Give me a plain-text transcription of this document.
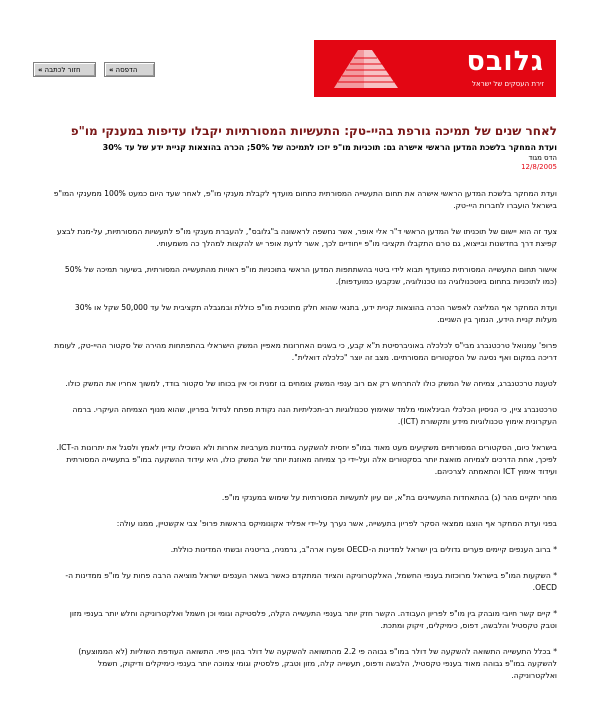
« חזור לכתבה	« הדפסה	גלובס
זירת העסקים של ישראל
לאחר שנים של תמיכה גורפת בהיי-טק: התעשיות המסורתיות יקבלו עדיפות במענקי מו"פ

ועדת המחקר בלשכת המדען הראשי אישרה גם: תוכניות מו"פ יזכו לתמיכה של 50%; הכרה בהוצאות קניית ידע של עד 30%

הדס מגוד

12/8/2005

ועדת המחקר בלשכת המדען הראשי אישרה את תחום התעשייה המסורתית כתחום מועדף לקבלת מענקי מו"פ, לאחר שעד היום כמעט 100% ממענקי המו"פ בישראל הועברו לחברות היי-טק.

צעד זה הוא יישום של תוכניתו של המדען הראשי ד"ר אלי אופר, אשר נחשפה לראשונה ב"גלובס", להעברת מענקי מו"פ לתעשיות המסורתיות, על-מנת לבצע קפיצת דרך בחדשנות ובייצוא, גם טרם התקבלו תקציבי מו"פ ייחודיים לכך, אשר לדעת אופר יש להקצות למהלך כה משמעותי.

אישור תחום התעשייה המסורתית כמועדף תבוא לידי ביטוי בהשתתפות המדען הראשי בתוכניות מו"פ ראויות מהתעשייה המסורתית, בשיעור תמיכה של 50% (כמו לתוכניות בתחום ביוטכנולוגיה ננו טכנולוגיה, שנקבעו כמועדפות).

ועדת המחקר אף המליצה לאפשר הכרה בהוצאות קניית ידע, בתנאי שהוא חלק מתוכנית מו"פ כוללת ובמגבלה תקציבית של עד 50,000 שקל או 30% מעלות קניית הידע, הנמוך בין השניים.

פרופ' עמנואל טרכטנברג מבי"ס לכלכלה באוניברסיטת ת"א קבע, כי בשנים האחרונות מאפיין המשק הישראלי בהתפתחות מהירה של סקטור ההיי-טק, לעומת דריכה במקום ואף נסיגה של הסקטורים המסורתיים. מצב זה יוצר "כלכלה דואלית".

לטענת טרכטנברג, צמיחה של המשק כולו להתרחש רק אם רוב ענפי המשק צומחים בו זמנית וכי אין בכוחו של סקטור בודד, למשוך אחריו את המשק כולו.

טרכטנברג ציין, כי הניסיון הכלכלי הבינלאומי מלמד שאימוץ טכנולוגיות רב-תכליתיות הנה נקודת מפתח לגידול בפריון, שהוא מנוף הצמיחה העיקרי. ברמה העקרונית אימוץ טכנולוגיות מידע ותקשורת (ICT).

בישראל כיום, הסקטורים המסורתיים משקיעים מעט מאוד במו"פ יחסית להשקעה במדינות מערביות אחרות ולא השכילו עדיין לאמץ ולסגל את יתרונות ה-ICT. לפיכך, אחת הדרכים לצמיחה מואצת יותר בסקטורים אלה ועל-ידי כך צמיחה מאוזנת יותר של המשק כולו, היא עידוד ההשקעה במו"פ בתעשייה המסורתית ועידוד אימוץ ICT והתאמתה לצרכיהם.

מחר יתקיים מהר (ג) בהתאחדות התעשיינים בת"א, יום עיון לתעשיות המסורתיות על שימוש במענקי מו"פ.

בפני ועדת המחקר אף הוצגו ממצאי הסקר לפריון בתעשייה, אשר נערך על-ידי אפליד אקונומיקס בראשות פרופ' צבי אקשטיין, ממנו עולה:

* ברוב הענפים קיימים פערים גדולים בין ישראל למדינות ה-OECD ופערו ארה"ב, גרמניה, בריטניה ובשתי המדינות כוללת.

* השקעות המו"פ בישראל מרוכזות בענפי החשמל, האלקטרוניקה והציוד המתקדם כאשר בשאר הענפים ישראל מוציאה הרבה פחות על מו"פ ממדינות ה-OECD.

* קיים קשר חיובי מובהק בין מו"פ לפריון העבודה. הקשר חזק יותר בענפי התעשייה הקלה, פלסטיקה וגומי וכן חשמל ואלקטרוניקה וחלש יותר בענפי מזון וטבק טקסטיל והלבשה, דפוס, כימיקלים, זיקוק ומתכת.

* בכלל התעשייה התשואה להשקעה של דולר במו"פ גבוהה פי 2.2 מהתשואה להשקעה של דולר בהון פיזי. התשואה העודפת השוליות (לא הממוצעת) להשקעה במו"פ גבוהה מאוד בענפי טקסטיל, הלבשה ודפוס, תעשייה קלה, מזון וטבק, פלסטיק וגומי צמוכה יותר בענפי כימיקלים ודיקוק, חשמל ואלקטרוניקה.
